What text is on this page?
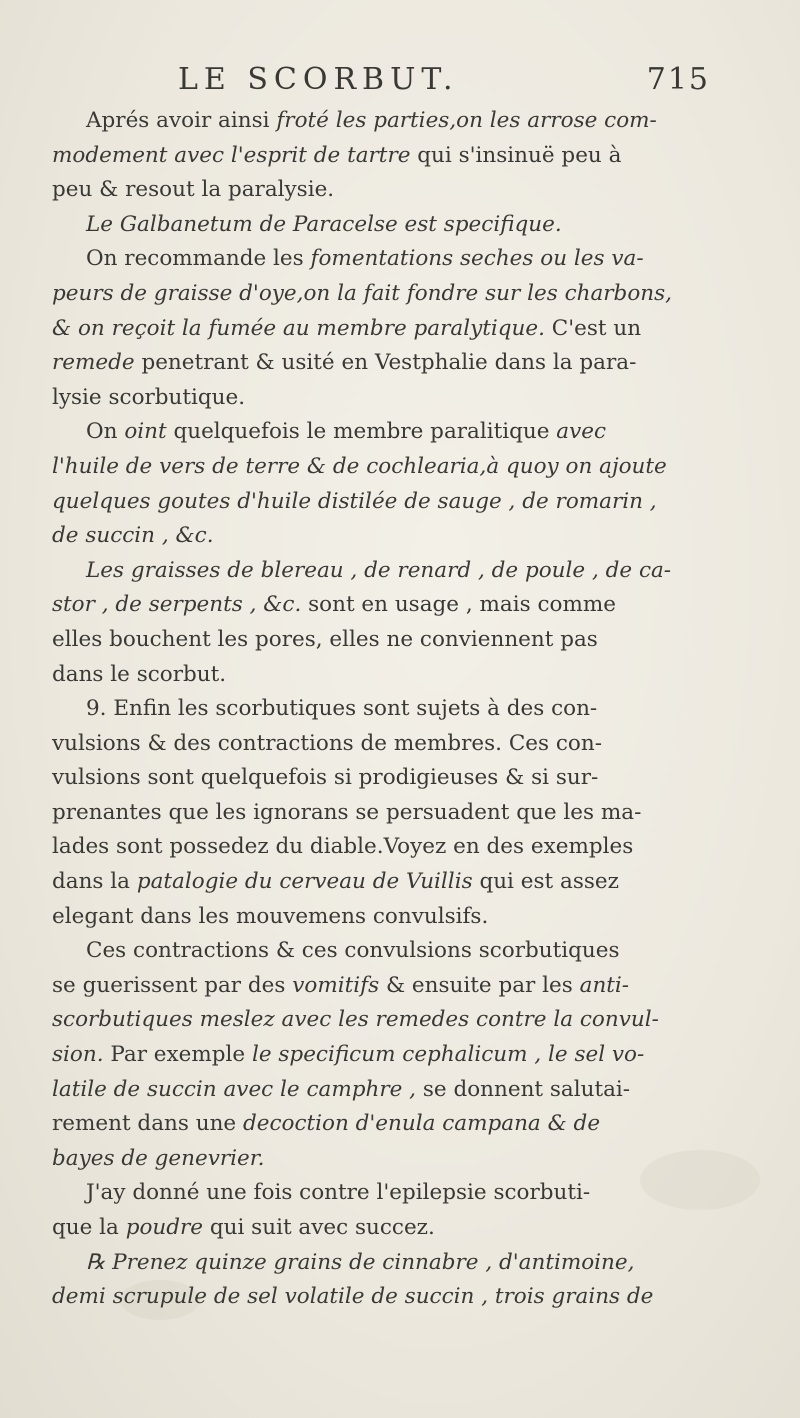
LE SCORBUT.	715
Aprés avoir ainsi froté les parties,on les arrose com-
modement avec l'esprit de tartre qui s'insinuë peu à
peu & resout la paralysie.
Le Galbanetum de Paracelse est specifique.
On recommande les fomentations seches ou les va-
peurs de graisse d'oye,on la fait fondre sur les charbons,
& on reçoit la fumée au membre paralytique. C'est un
remede penetrant & usité en Vestphalie dans la para-
lysie scorbutique.
On oint quelquefois le membre paralitique avec
l'huile de vers de terre & de cochlearia,à quoy on ajoute
quelques goutes d'huile distilée de sauge , de romarin ,
de succin , &c.
Les graisses de blereau , de renard , de poule , de ca-
stor , de serpents , &c. sont en usage , mais comme
elles bouchent les pores, elles ne conviennent pas
dans le scorbut.
9. Enfin les scorbutiques sont sujets à des con-
vulsions & des contractions de membres. Ces con-
vulsions sont quelquefois si prodigieuses & si sur-
prenantes que les ignorans se persuadent que les ma-
lades sont possedez du diable.Voyez en des exemples
dans la patalogie du cerveau de Vuillis qui est assez
elegant dans les mouvemens convulsifs.
Ces contractions & ces convulsions scorbutiques
se guerissent par des vomitifs & ensuite par les anti-
scorbutiques meslez avec les remedes contre la convul-
sion. Par exemple le specificum cephalicum , le sel vo-
latile de succin avec le camphre , se donnent salutai-
rement dans une decoction d'enula campana & de
bayes de genevrier.
J'ay donné une fois contre l'epilepsie scorbuti-
que la poudre qui suit avec succez.
℞ Prenez quinze grains de cinnabre , d'antimoine,
demi scrupule de sel volatile de succin , trois grains de
